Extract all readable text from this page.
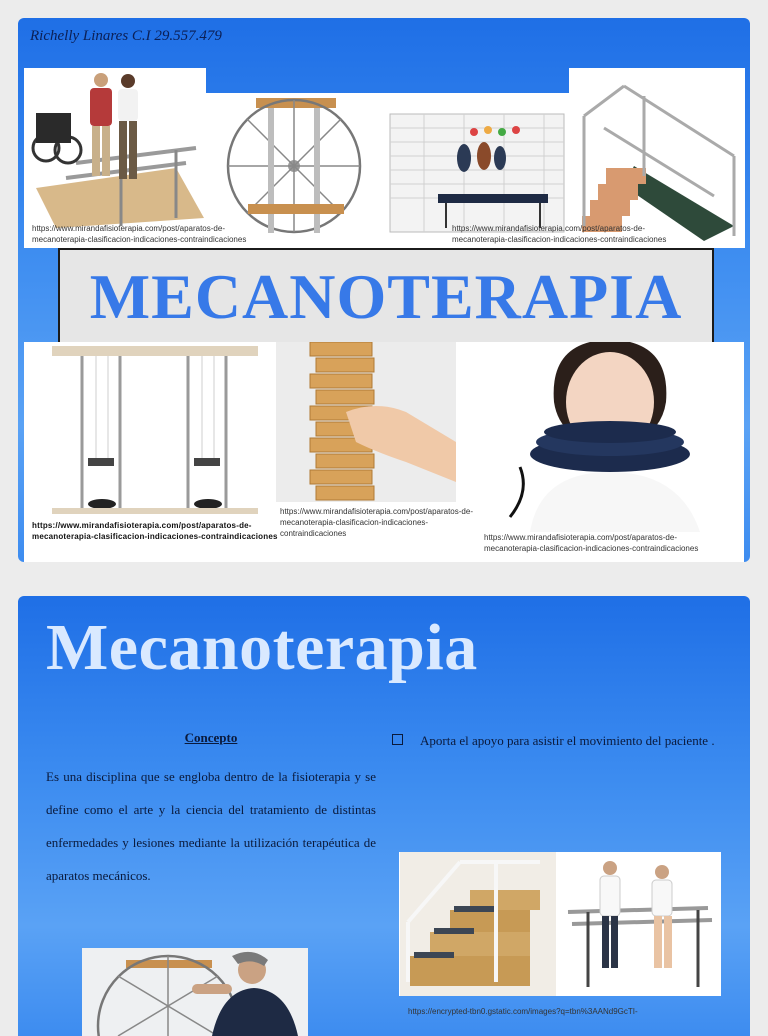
Richelly Linares C.I 29.557.479
https://www.mirandafisioterapia.com/post/aparatos-de-
mecanoterapia-clasificacion-indicaciones-contraindicaciones
https://www.mirandafisioterapia.com/post/aparatos-de-
mecanoterapia-clasificacion-indicaciones-contraindicaciones
MECANOTERAPIA
https://www.mirandafisioterapia.com/post/aparatos-de-
mecanoterapia-clasificacion-indicaciones-contraindicaciones
https://www.mirandafisioterapia.com/post/aparatos-de-
mecanoterapia-clasificacion-indicaciones-contraindicaciones	https://www.mirandafisioterapia.com/post/aparatos-de-
mecanoterapia-clasificacion-indicaciones-contraindicaciones
Mecanoterapia
Concepto
Es una disciplina que se engloba dentro de la fisioterapia y se define como el arte y la ciencia del tratamiento de distintas enfermedades y lesiones mediante la utilización terapéutica de aparatos mecánicos.
Aporta el apoyo para asistir el movimiento del paciente .
https://encrypted-tbn0.gstatic.com/images?q=tbn%3AANd9GcTI-
